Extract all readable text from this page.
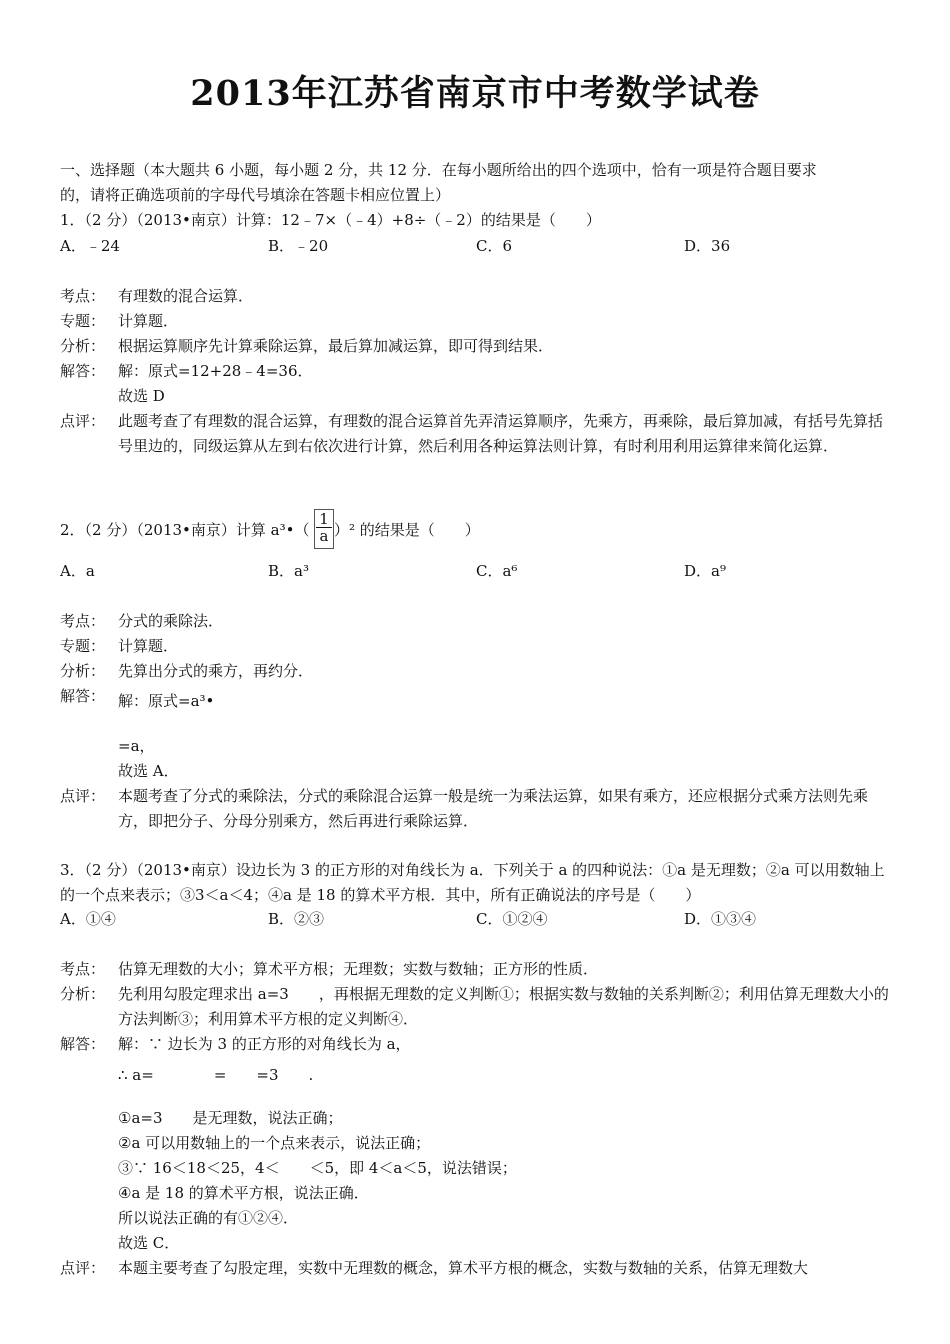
2013年江苏省南京市中考数学试卷
一、选择题（本大题共 6 小题，每小题 2 分，共 12 分．在每小题所给出的四个选项中，恰有一项是符合题目要求
的，请将正确选项前的字母代号填涂在答题卡相应位置上）
1．（2 分）（2013•南京）计算：12﹣7×（﹣4）+8÷（﹣2）的结果是（　　）
A．﹣24	B．﹣20	C．6	D．36
考点： 有理数的混合运算．
专题： 计算题．
分析： 根据运算顺序先计算乘除运算，最后算加减运算，即可得到结果．
解答： 解：原式=12+28﹣4=36．
故选 D
点评： 此题考查了有理数的混合运算，有理数的混合运算首先弄清运算顺序，先乘方，再乘除，最后算加减，有括号先算括号里边的，同级运算从左到右依次进行计算，然后利用各种运算法则计算，有时利用利用运算律来简化运算．
2．（2 分）（2013•南京）计算 a³•（ $\frac{1}{a} )^2$ 的结果是（　　）
A．a	B．a³	C．a⁶	D．a⁹
考点： 分式的乘除法．
专题： 计算题．
分析： 先算出分式的乘方，再约分．
解答： 解：原式=a³•
=a，
故选 A．
点评： 本题考查了分式的乘除法，分式的乘除混合运算一般是统一为乘法运算，如果有乘方，还应根据分式乘方法则先乘方，即把分子、分母分别乘方，然后再进行乘除运算．
3．（2 分）（2013•南京）设边长为 3 的正方形的对角线长为 a．下列关于 a 的四种说法：①a 是无理数；②a 可以用数轴上的一个点来表示；③3＜a＜4；④a 是 18 的算术平方根．其中，所有正确说法的序号是（　　）
A．①④	B．②③	C．①②④	D．①③④
考点： 估算无理数的大小；算术平方根；无理数；实数与数轴；正方形的性质．
分析： 先利用勾股定理求出 a=3　　，再根据无理数的定义判断①；根据实数与数轴的关系判断②；利用估算无理数大小的方法判断③；利用算术平方根的定义判断④．
解答： 解：∵ 边长为 3 的正方形的对角线长为 a，
∴ a=　　　　=　　=3　　.
①a=3　　是无理数，说法正确；
②a 可以用数轴上的一个点来表示，说法正确；
③∵ 16＜18＜25，4＜　　＜5，即 4＜a＜5，说法错误；
④a 是 18 的算术平方根，说法正确．
所以说法正确的有①②④．
故选 C．
点评： 本题主要考查了勾股定理，实数中无理数的概念，算术平方根的概念，实数与数轴的关系，估算无理数大
